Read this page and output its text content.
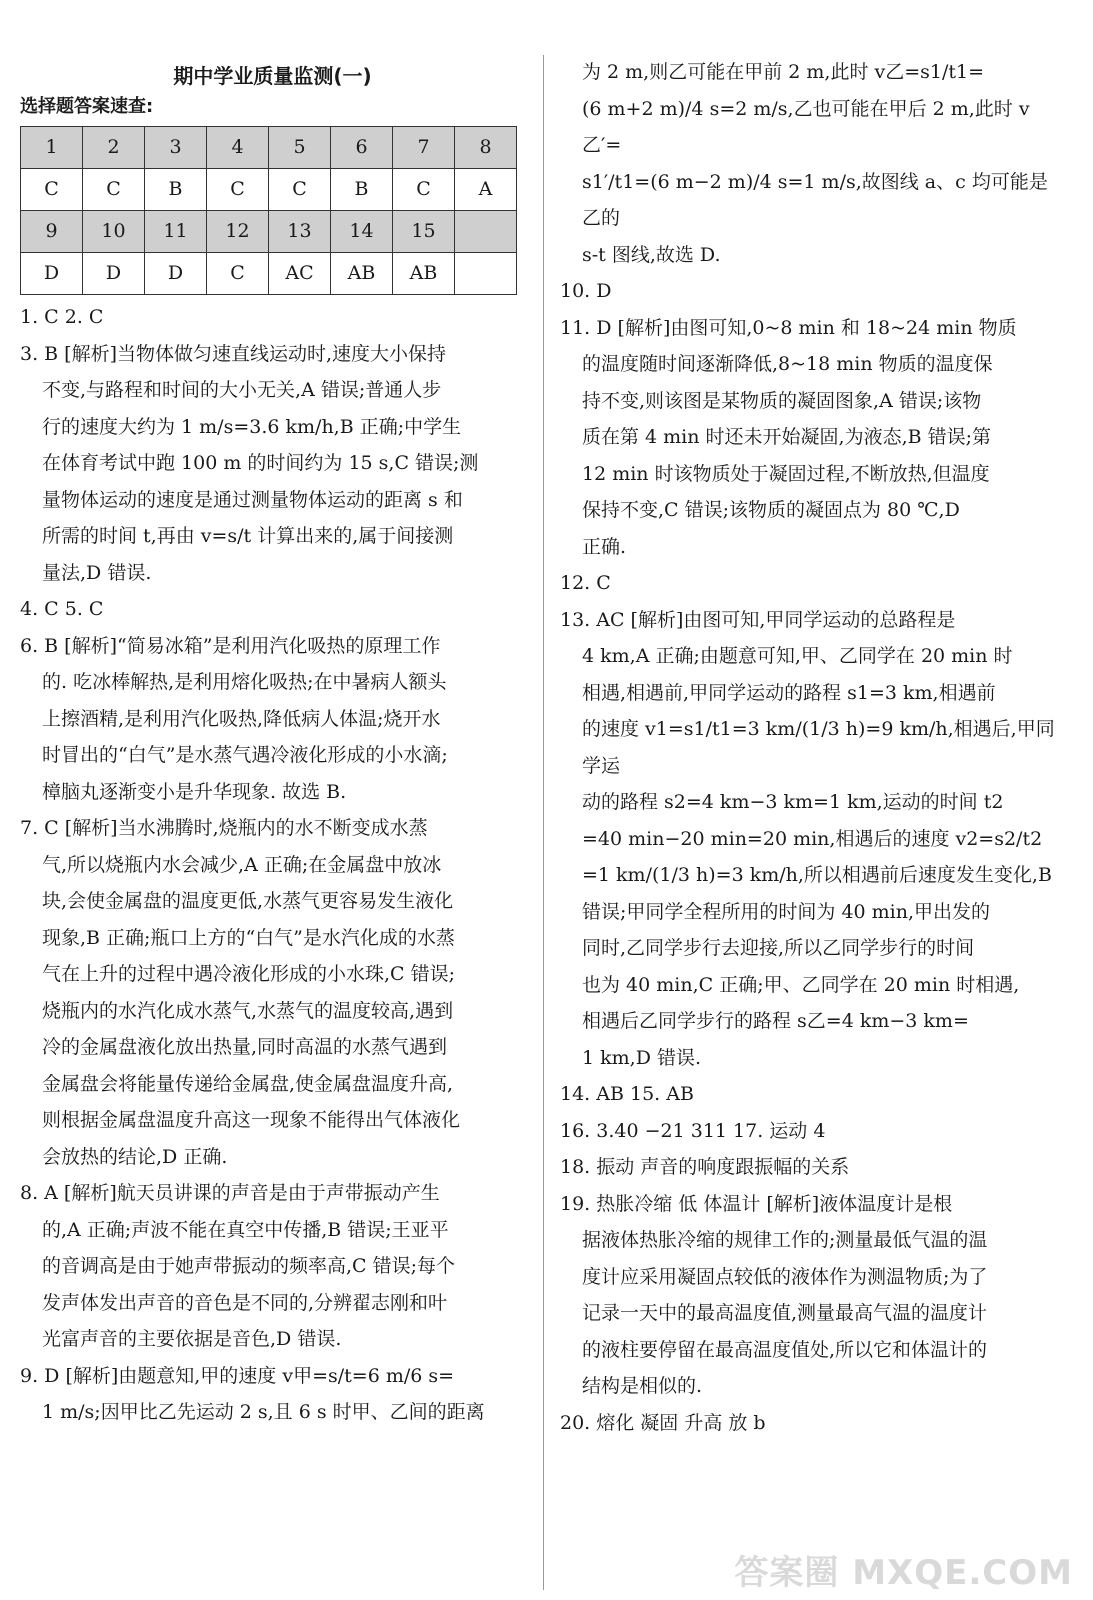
期中学业质量监测(一)
选择题答案速查:
1	2	3	4	5	6	7	8
C	C	B	C	C	B	C	A
9	10	11	12	13	14	15	
D	D	D	C	AC	AB	AB	
1. C 2. C
3. B [解析]当物体做匀速直线运动时,速度大小保持
不变,与路程和时间的大小无关,A 错误;普通人步
行的速度大约为 1 m/s=3.6 km/h,B 正确;中学生
在体育考试中跑 100 m 的时间约为 15 s,C 错误;测
量物体运动的速度是通过测量物体运动的距离 s 和
所需的时间 t,再由 v=s/t 计算出来的,属于间接测
量法,D 错误.
4. C 5. C
6. B [解析]“简易冰箱”是利用汽化吸热的原理工作
的. 吃冰棒解热,是利用熔化吸热;在中暑病人额头
上擦酒精,是利用汽化吸热,降低病人体温;烧开水
时冒出的“白气”是水蒸气遇冷液化形成的小水滴;
樟脑丸逐渐变小是升华现象. 故选 B.
7. C [解析]当水沸腾时,烧瓶内的水不断变成水蒸
气,所以烧瓶内水会减少,A 正确;在金属盘中放冰
块,会使金属盘的温度更低,水蒸气更容易发生液化
现象,B 正确;瓶口上方的“白气”是水汽化成的水蒸
气在上升的过程中遇冷液化形成的小水珠,C 错误;
烧瓶内的水汽化成水蒸气,水蒸气的温度较高,遇到
冷的金属盘液化放出热量,同时高温的水蒸气遇到
金属盘会将能量传递给金属盘,使金属盘温度升高,
则根据金属盘温度升高这一现象不能得出气体液化
会放热的结论,D 正确.
8. A [解析]航天员讲课的声音是由于声带振动产生
的,A 正确;声波不能在真空中传播,B 错误;王亚平
的音调高是由于她声带振动的频率高,C 错误;每个
发声体发出声音的音色是不同的,分辨翟志刚和叶
光富声音的主要依据是音色,D 错误.
9. D [解析]由题意知,甲的速度 v甲=s/t=6 m/6 s=
1 m/s;因甲比乙先运动 2 s,且 6 s 时甲、乙间的距离
为 2 m,则乙可能在甲前 2 m,此时 v乙=s1/t1=
(6 m+2 m)/4 s=2 m/s,乙也可能在甲后 2 m,此时 v乙′=
s1′/t1=(6 m−2 m)/4 s=1 m/s,故图线 a、c 均可能是乙的
s-t 图线,故选 D.
10. D
11. D [解析]由图可知,0~8 min 和 18~24 min 物质
的温度随时间逐渐降低,8~18 min 物质的温度保
持不变,则该图是某物质的凝固图象,A 错误;该物
质在第 4 min 时还未开始凝固,为液态,B 错误;第
12 min 时该物质处于凝固过程,不断放热,但温度
保持不变,C 错误;该物质的凝固点为 80 ℃,D
正确.
12. C
13. AC [解析]由图可知,甲同学运动的总路程是
4 km,A 正确;由题意可知,甲、乙同学在 20 min 时
相遇,相遇前,甲同学运动的路程 s1=3 km,相遇前
的速度 v1=s1/t1=3 km/(1/3 h)=9 km/h,相遇后,甲同学运
动的路程 s2=4 km−3 km=1 km,运动的时间 t2
=40 min−20 min=20 min,相遇后的速度 v2=s2/t2
=1 km/(1/3 h)=3 km/h,所以相遇前后速度发生变化,B
错误;甲同学全程所用的时间为 40 min,甲出发的
同时,乙同学步行去迎接,所以乙同学步行的时间
也为 40 min,C 正确;甲、乙同学在 20 min 时相遇,
相遇后乙同学步行的路程 s乙=4 km−3 km=
1 km,D 错误.
14. AB 15. AB
16. 3.40 −21 311 17. 运动 4
18. 振动 声音的响度跟振幅的关系
19. 热胀冷缩 低 体温计 [解析]液体温度计是根
据液体热胀冷缩的规律工作的;测量最低气温的温
度计应采用凝固点较低的液体作为测温物质;为了
记录一天中的最高温度值,测量最高气温的温度计
的液柱要停留在最高温度值处,所以它和体温计的
结构是相似的.
20. 熔化 凝固 升高 放 b
答案圈 MXQE.COM
